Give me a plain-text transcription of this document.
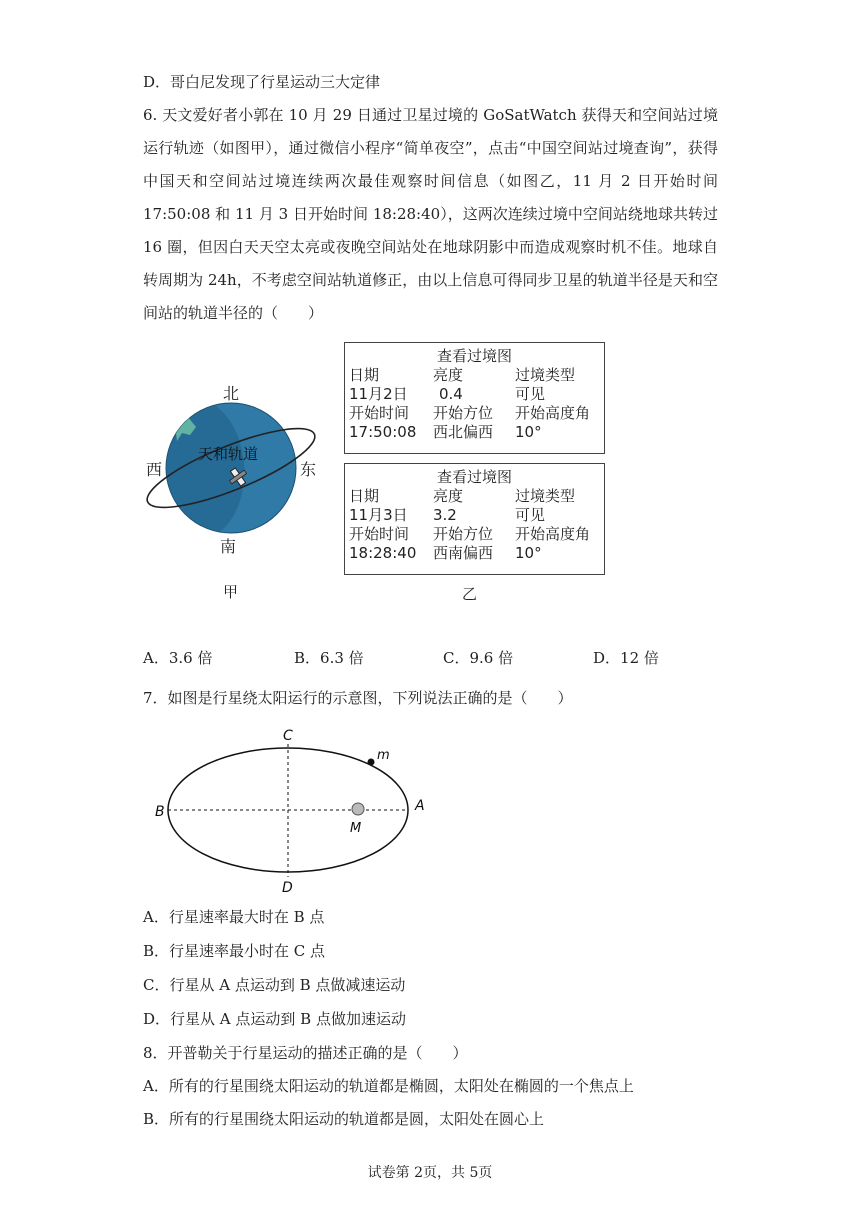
D．哥白尼发现了行星运动三大定律
6. 天文爱好者小郭在 10 月 29 日通过卫星过境的 GoSatWatch 获得天和空间站过境运行轨迹（如图甲），通过微信小程序“简单夜空”，点击“中国空间站过境查询”，获得中国天和空间站过境连续两次最佳观察时间信息（如图乙，11 月 2 日开始时间 17:50:08 和 11 月 3 日开始时间 18:28:40），这两次连续过境中空间站绕地球共转过 16 圈，但因白天天空太亮或夜晚空间站处在地球阴影中而造成观察时机不佳。地球自转周期为 24h，不考虑空间站轨道修正，由以上信息可得同步卫星的轨道半径是天和空间站的轨道半径的（　　）
北
南
西	东
天和轨道
甲
查看过境图
日期	亮度	过境类型
11月2日	0.4	可见
开始时间	开始方位	开始高度角
17:50:08	西北偏西	10°
查看过境图
日期	亮度	过境类型
11月3日	3.2	可见
开始时间	开始方位	开始高度角
18:28:40	西南偏西	10°
乙
A．3.6 倍	B．6.3 倍	C．9.6 倍	D．12 倍
7．如图是行星绕太阳运行的示意图，下列说法正确的是（　　）
C
D
B	A
m
M
A．行星速率最大时在 B 点
B．行星速率最小时在 C 点
C．行星从 A 点运动到 B 点做减速运动
D．行星从 A 点运动到 B 点做加速运动
8．开普勒关于行星运动的描述正确的是（　　）
A．所有的行星围绕太阳运动的轨道都是椭圆，太阳处在椭圆的一个焦点上
B．所有的行星围绕太阳运动的轨道都是圆，太阳处在圆心上
试卷第 2页，共 5页
